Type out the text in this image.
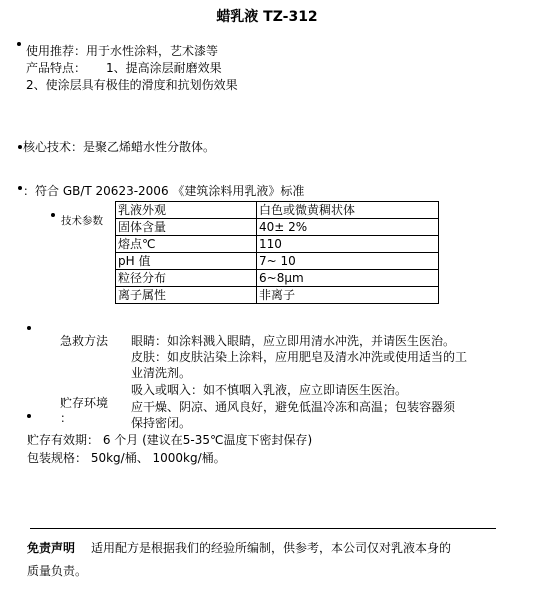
蜡乳液 TZ-312
使用推荐：用于水性涂料，艺术漆等
产品特点： 1、提高涂层耐磨效果
2、使涂层具有极佳的滑度和抗划伤效果
核心技术：是聚乙烯蜡水性分散体。
：符合 GB/T 20623-2006 《建筑涂料用乳液》标准
技术参数
乳液外观	白色或微黄稠状体
固体含量	40± 2%
熔点℃	110
pH 值	7~ 10
粒径分布	6~8μm
离子属性	非离子
急救方法 眼睛：如涂料溅入眼睛，应立即用清水冲洗，并请医生医治。
皮肤：如皮肤沾染上涂料，应用肥皂及清水冲洗或使用适当的工
业清洗剂。
吸入或咽入：如不慎咽入乳液，应立即请医生医治。
贮存环境
：
应干燥、阴凉、通风良好，避免低温冷冻和高温；包装容器须
保持密闭。
贮存有效期： 6 个月 (建议在5-35℃温度下密封保存)
包装规格： 50kg/桶、 1000kg/桶。
免责声明 适用配方是根据我们的经验所编制，供参考，本公司仅对乳液本身的
质量负责。
